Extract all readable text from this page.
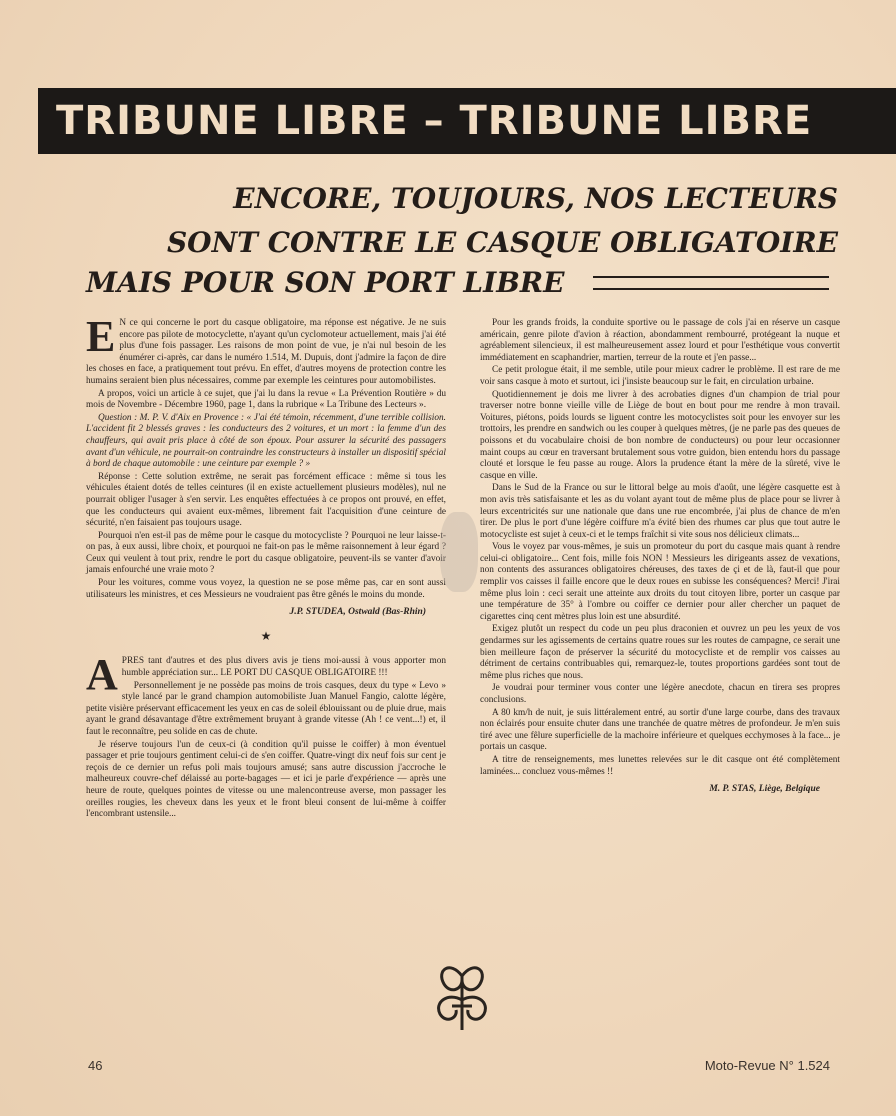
TRIBUNE LIBRE – TRIBUNE LIBRE
ENCORE, TOUJOURS, NOS LECTEURS
SONT CONTRE LE CASQUE OBLIGATOIRE
MAIS POUR SON PORT LIBRE

E N ce qui concerne le port du casque obligatoire, ma réponse est négative. Je ne suis encore pas pilote de motocyclette, n'ayant qu'un cyclomoteur actuellement, mais j'ai été plus d'une fois passager. Les raisons de mon point de vue, je n'ai nul besoin de les énumérer ci-après, car dans le numéro 1.514, M. Dupuis, dont j'admire la façon de dire les choses en face, a pratiquement tout prévu. En effet, d'autres moyens de protection contre les humains seraient bien plus nécessaires, comme par exemple les ceintures pour automobilistes.

A propos, voici un article à ce sujet, que j'ai lu dans la revue « La Prévention Routière » du mois de Novembre - Décembre 1960, page 1, dans la rubrique « La Tribune des Lecteurs ».

Question : M. P. V. d'Aix en Provence : « J'ai été témoin, récemment, d'une terrible collision. L'accident fit 2 blessés graves : les conducteurs des 2 voitures, et un mort : la femme d'un des chauffeurs, qui avait pris place à côté de son époux. Pour assurer la sécurité des passagers avant d'un véhicule, ne pourrait-on contraindre les constructeurs à installer un dispositif spécial à bord de chaque automobile : une ceinture par exemple ? »

Réponse : Cette solution extrême, ne serait pas forcément efficace : même si tous les véhicules étaient dotés de telles ceintures (il en existe actuellement plusieurs modèles), nul ne pourrait obliger l'usager à s'en servir. Les enquêtes effectuées à ce propos ont prouvé, en effet, que les conducteurs qui avaient eux-mêmes, librement fait l'acquisition d'une ceinture de sécurité, n'en faisaient pas toujours usage.

Pourquoi n'en est-il pas de même pour le casque du motocycliste ? Pourquoi ne leur laisse-t-on pas, à eux aussi, libre choix, et pourquoi ne fait-on pas le même raisonnement à leur égard ? Ceux qui veulent à tout prix, rendre le port du casque obligatoire, peuvent-ils se vanter d'avoir jamais enfourché une vraie moto ?

Pour les voitures, comme vous voyez, la question ne se pose même pas, car en sont aussi utilisateurs les ministres, et ces Messieurs ne voudraient pas être gênés le moins du monde.

J.P. STUDEA, Ostwald (Bas-Rhin)
★

APRES tant d'autres et des plus divers avis je tiens moi-aussi à vous apporter mon humble appréciation sur... LE PORT DU CASQUE OBLIGATOIRE !!!

Personnellement je ne possède pas moins de trois casques, deux du type « Levo » style lancé par le grand champion automobiliste Juan Manuel Fangio, calotte légère, petite visière préservant efficacement les yeux en cas de soleil éblouissant ou de pluie drue, mais ayant le grand désavantage d'être extrêmement bruyant à grande vitesse (Ah ! ce vent...!) et, il faut le reconnaître, peu solide en cas de chute.

Je réserve toujours l'un de ceux-ci (à condition qu'il puisse le coiffer) à mon éventuel passager et prie toujours gentiment celui-ci de s'en coiffer. Quatre-vingt dix neuf fois sur cent je reçois de ce dernier un refus poli mais toujours amusé; sans autre discussion j'accroche le malheureux couvre-chef délaissé au porte-bagages — et ici je parle d'expérience — après une heure de route, quelques pointes de vitesse ou une malencontreuse averse, mon passager les oreilles rougies, les cheveux dans les yeux et le front bleui consent de lui-même à coiffer l'encombrant ustensile...

Pour les grands froids, la conduite sportive ou le passage de cols j'ai en réserve un casque américain, genre pilote d'avion à réaction, abondamment rembourré, protégeant la nuque et agréablement silencieux, il est malheureusement assez lourd et pour l'esthétique vous convertit immédiatement en scaphandrier, martien, terreur de la route et j'en passe...

Ce petit prologue était, il me semble, utile pour mieux cadrer le problème. Il est rare de me voir sans casque à moto et surtout, ici j'insiste beaucoup sur le fait, en circulation urbaine.

Quotidiennement je dois me livrer à des acrobaties dignes d'un champion de trial pour traverser notre bonne vieille ville de Liège de bout en bout pour me rendre à mon travail. Voitures, piétons, poids lourds se liguent contre les motocyclistes soit pour les envoyer sur les trottoirs, les prendre en sandwich ou les couper à quelques mètres, (je ne parle pas des queues de poissons et du vocabulaire choisi de bon nombre de conducteurs) ou pour leur occasionner maint coups au cœur en traversant brutalement sous votre guidon, bien entendu hors du passage clouté et lorsque le feu passe au rouge. Alors la prudence étant la mère de la sûreté, vive le casque en ville.

Dans le Sud de la France ou sur le littoral belge au mois d'août, une légère casquette est à mon avis très satisfaisante et les as du volant ayant tout de même plus de place pour se livrer à leurs excentricités sur une nationale que dans une rue encombrée, j'ai plus de chance de m'en tirer. De plus le port d'une légère coiffure m'a évité bien des rhumes car plus que tout autre le motocycliste est sujet à ceux-ci et le temps fraîchit si vite sous nos délicieux climats...

Vous le voyez par vous-mêmes, je suis un promoteur du port du casque mais quant à rendre celui-ci obligatoire... Cent fois, mille fois NON ! Messieurs les dirigeants assez de vexations, non contents des assurances obligatoires chéreuses, des taxes de çi et de là, faut-il que pour remplir vos caisses il faille encore que le deux roues en subisse les conséquences? Merci! J'irai même plus loin : ceci serait une atteinte aux droits du tout citoyen libre, porter un casque par une température de 35° à l'ombre ou coiffer ce dernier pour aller chercher un paquet de cigarettes cinq cent mètres plus loin est une absurdité.

Exigez plutôt un respect du code un peu plus draconien et ouvrez un peu les yeux de vos gendarmes sur les agissements de certains quatre roues sur les routes de campagne, ce serait une bien meilleure façon de préserver la sécurité du motocycliste et de remplir vos caisses au détriment de certains contribuables qui, remarquez-le, toutes proportions gardées sont tout de même plus riches que nous.

Je voudrai pour terminer vous conter une légère anecdote, chacun en tirera ses propres conclusions.

A 80 km/h de nuit, je suis littéralement entré, au sortir d'une large courbe, dans des travaux non éclairés pour ensuite chuter dans une tranchée de quatre mètres de profondeur. Je m'en suis tiré avec une fêlure superficielle de la machoire inférieure et quelques ecchymoses à la face... je portais un casque.

A titre de renseignements, mes lunettes relevées sur le dit casque ont été complètement laminées... concluez vous-mêmes !!

M. P. STAS, Liège, Belgique
46	Moto-Revue N° 1.524
